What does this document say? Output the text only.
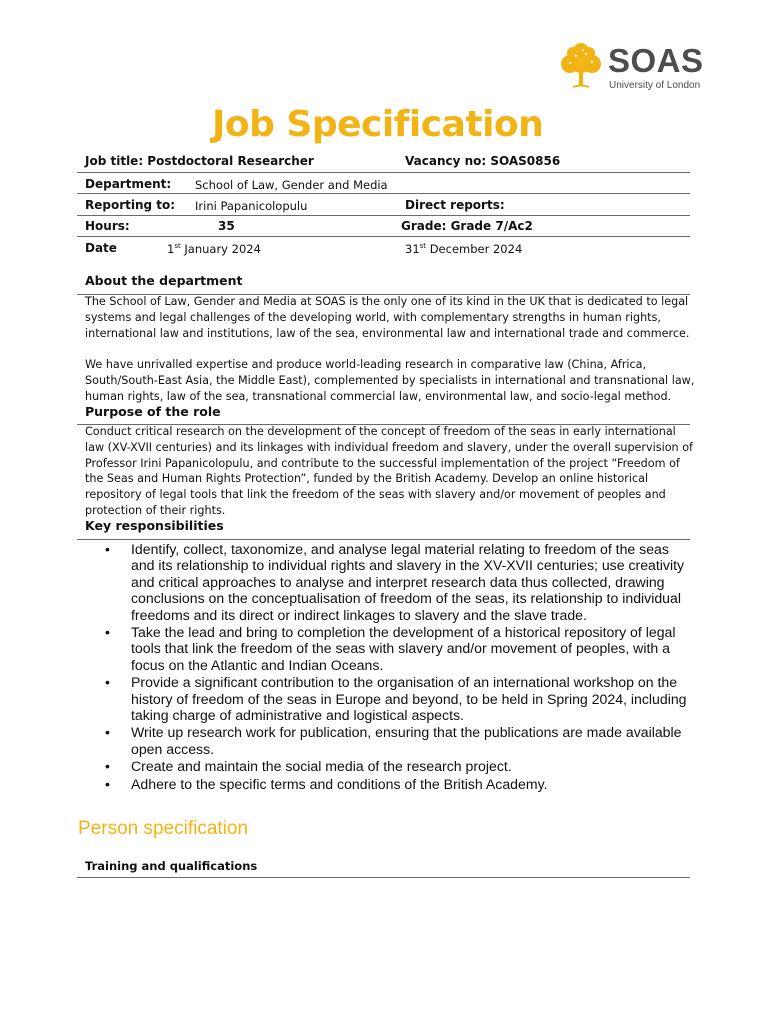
SOAS
University of London
Job Specification
Job title: Postdoctoral Researcher	Vacancy no: SOAS0856
Department: School of Law, Gender and Media
Reporting to: Irini Papanicolopulu	Direct reports:
Hours:	35	Grade: Grade 7/Ac2
Date	1st January 2024	31st December 2024
About the department

The School of Law, Gender and Media at SOAS is the only one of its kind in the UK that is dedicated to legal systems and legal challenges of the developing world, with complementary strengths in human rights, international law and institutions, law of the sea, environmental law and international trade and commerce.

We have unrivalled expertise and produce world-leading research in comparative law (China, Africa, South/South-East Asia, the Middle East), complemented by specialists in international and transnational law, human rights, law of the sea, transnational commercial law, environmental law, and socio-legal method.

Purpose of the role

Conduct critical research on the development of the concept of freedom of the seas in early international law (XV-XVII centuries) and its linkages with individual freedom and slavery, under the overall supervision of Professor Irini Papanicolopulu, and contribute to the successful implementation of the project “Freedom of the Seas and Human Rights Protection”, funded by the British Academy. Develop an online historical repository of legal tools that link the freedom of the seas with slavery and/or movement of peoples and protection of their rights.

Key responsibilities
• Identify, collect, taxonomize, and analyse legal material relating to freedom of the seas and its relationship to individual rights and slavery in the XV-XVII centuries; use creativity and critical approaches to analyse and interpret research data thus collected, drawing conclusions on the conceptualisation of freedom of the seas, its relationship to individual freedoms and its direct or indirect linkages to slavery and the slave trade.
• Take the lead and bring to completion the development of a historical repository of legal tools that link the freedom of the seas with slavery and/or movement of peoples, with a focus on the Atlantic and Indian Oceans.
• Provide a significant contribution to the organisation of an international workshop on the history of freedom of the seas in Europe and beyond, to be held in Spring 2024, including taking charge of administrative and logistical aspects.
• Write up research work for publication, ensuring that the publications are made available open access.
• Create and maintain the social media of the research project.
• Adhere to the specific terms and conditions of the British Academy.
Person specification
Training and qualifications
